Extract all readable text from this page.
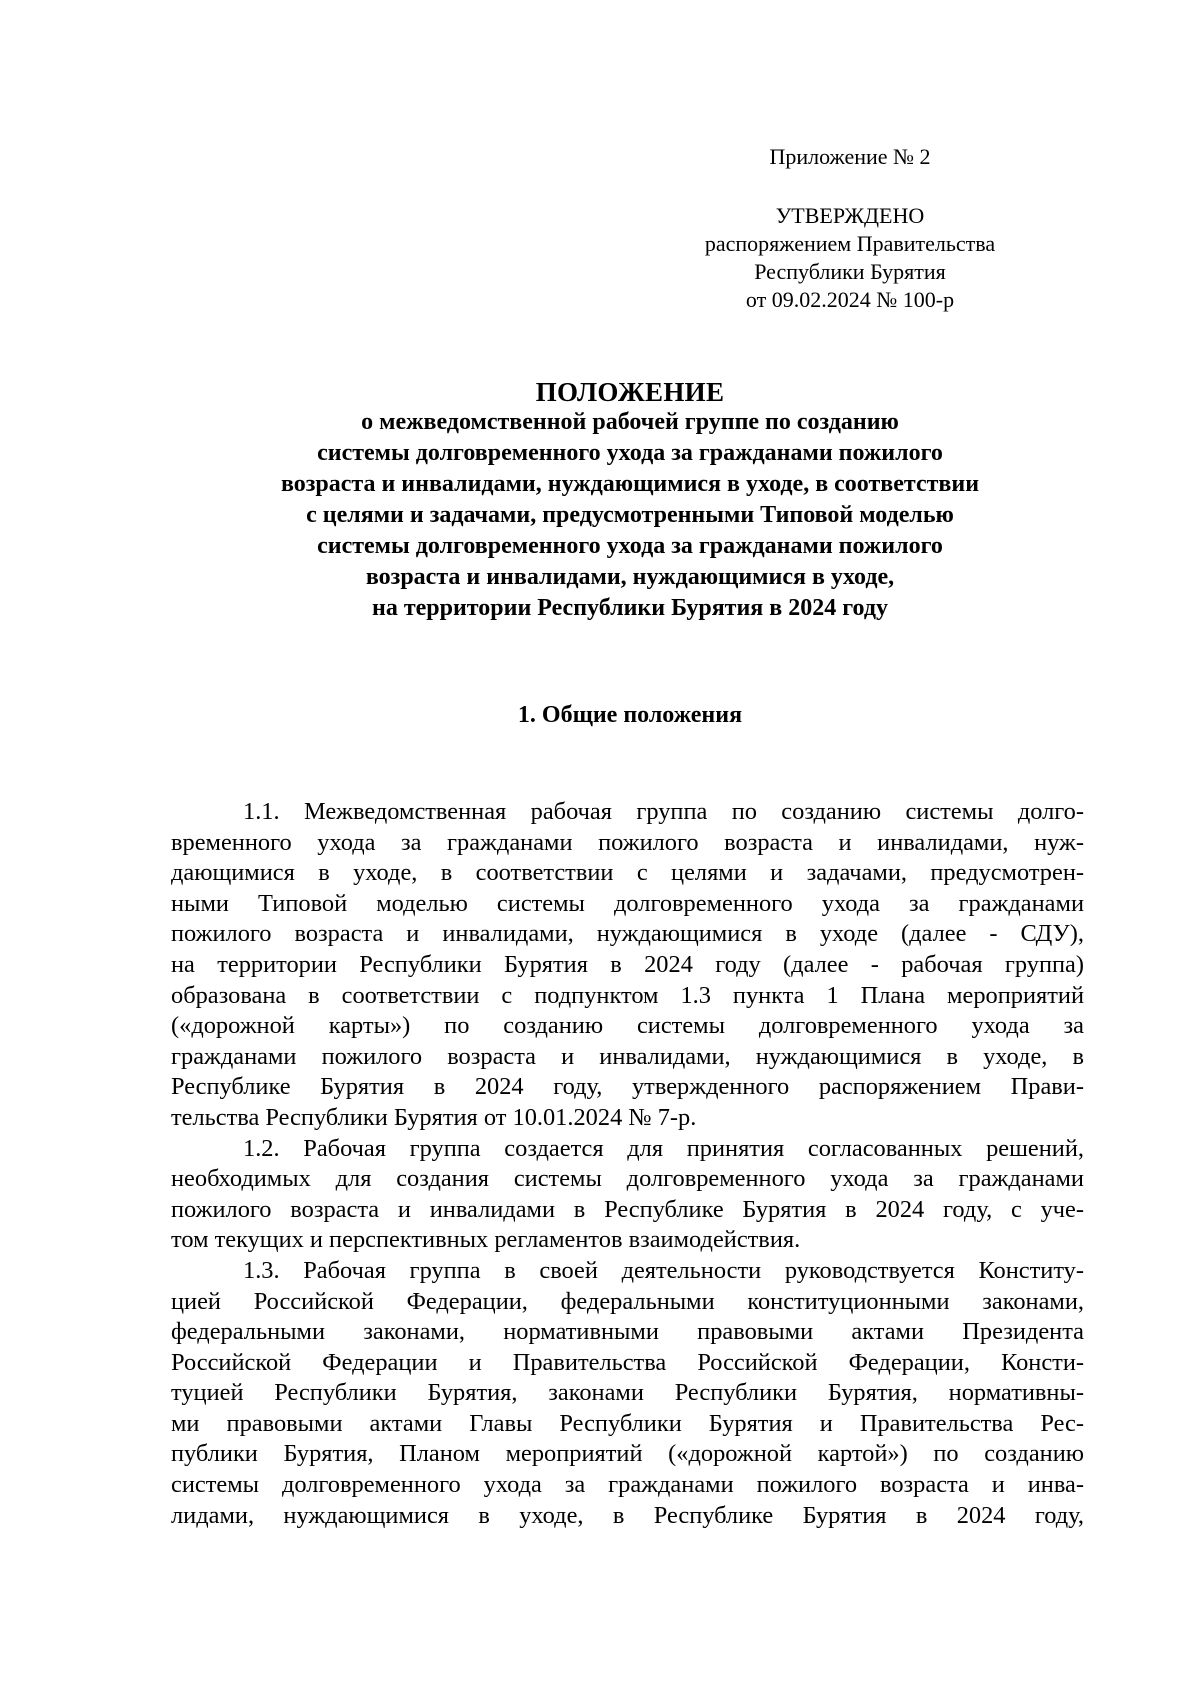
Приложение № 2
УТВЕРЖДЕНО
распоряжением Правительства
Республики Бурятия
от 09.02.2024 № 100-р
ПОЛОЖЕНИЕ
о межведомственной рабочей группе по созданию
системы долговременного ухода за гражданами пожилого
возраста и инвалидами, нуждающимися в уходе, в соответствии
с целями и задачами, предусмотренными Типовой моделью
системы долговременного ухода за гражданами пожилого
возраста и инвалидами, нуждающимися в уходе,
на территории Республики Бурятия в 2024 году
1. Общие положения
1.1. Межведомственная рабочая группа по созданию системы долго-
временного ухода за гражданами пожилого возраста и инвалидами, нуж-
дающимися в уходе, в соответствии с целями и задачами, предусмотрен-
ными Типовой моделью системы долговременного ухода за гражданами
пожилого возраста и инвалидами, нуждающимися в уходе (далее - СДУ),
на территории Республики Бурятия в 2024 году (далее - рабочая группа)
образована в соответствии с подпунктом 1.3 пункта 1 Плана мероприятий
(«дорожной карты») по созданию системы долговременного ухода за
гражданами пожилого возраста и инвалидами, нуждающимися в уходе, в
Республике Бурятия в 2024 году, утвержденного распоряжением Прави-
тельства Республики Бурятия от 10.01.2024 № 7-р.
1.2. Рабочая группа создается для принятия согласованных решений,
необходимых для создания системы долговременного ухода за гражданами
пожилого возраста и инвалидами в Республике Бурятия в 2024 году, с уче-
том текущих и перспективных регламентов взаимодействия.
1.3. Рабочая группа в своей деятельности руководствуется Конститу-
цией Российской Федерации, федеральными конституционными законами,
федеральными законами, нормативными правовыми актами Президента
Российской Федерации и Правительства Российской Федерации, Консти-
туцией Республики Бурятия, законами Республики Бурятия, нормативны-
ми правовыми актами Главы Республики Бурятия и Правительства Рес-
публики Бурятия, Планом мероприятий («дорожной картой») по созданию
системы долговременного ухода за гражданами пожилого возраста и инва-
лидами, нуждающимися в уходе, в Республике Бурятия в 2024 году,
